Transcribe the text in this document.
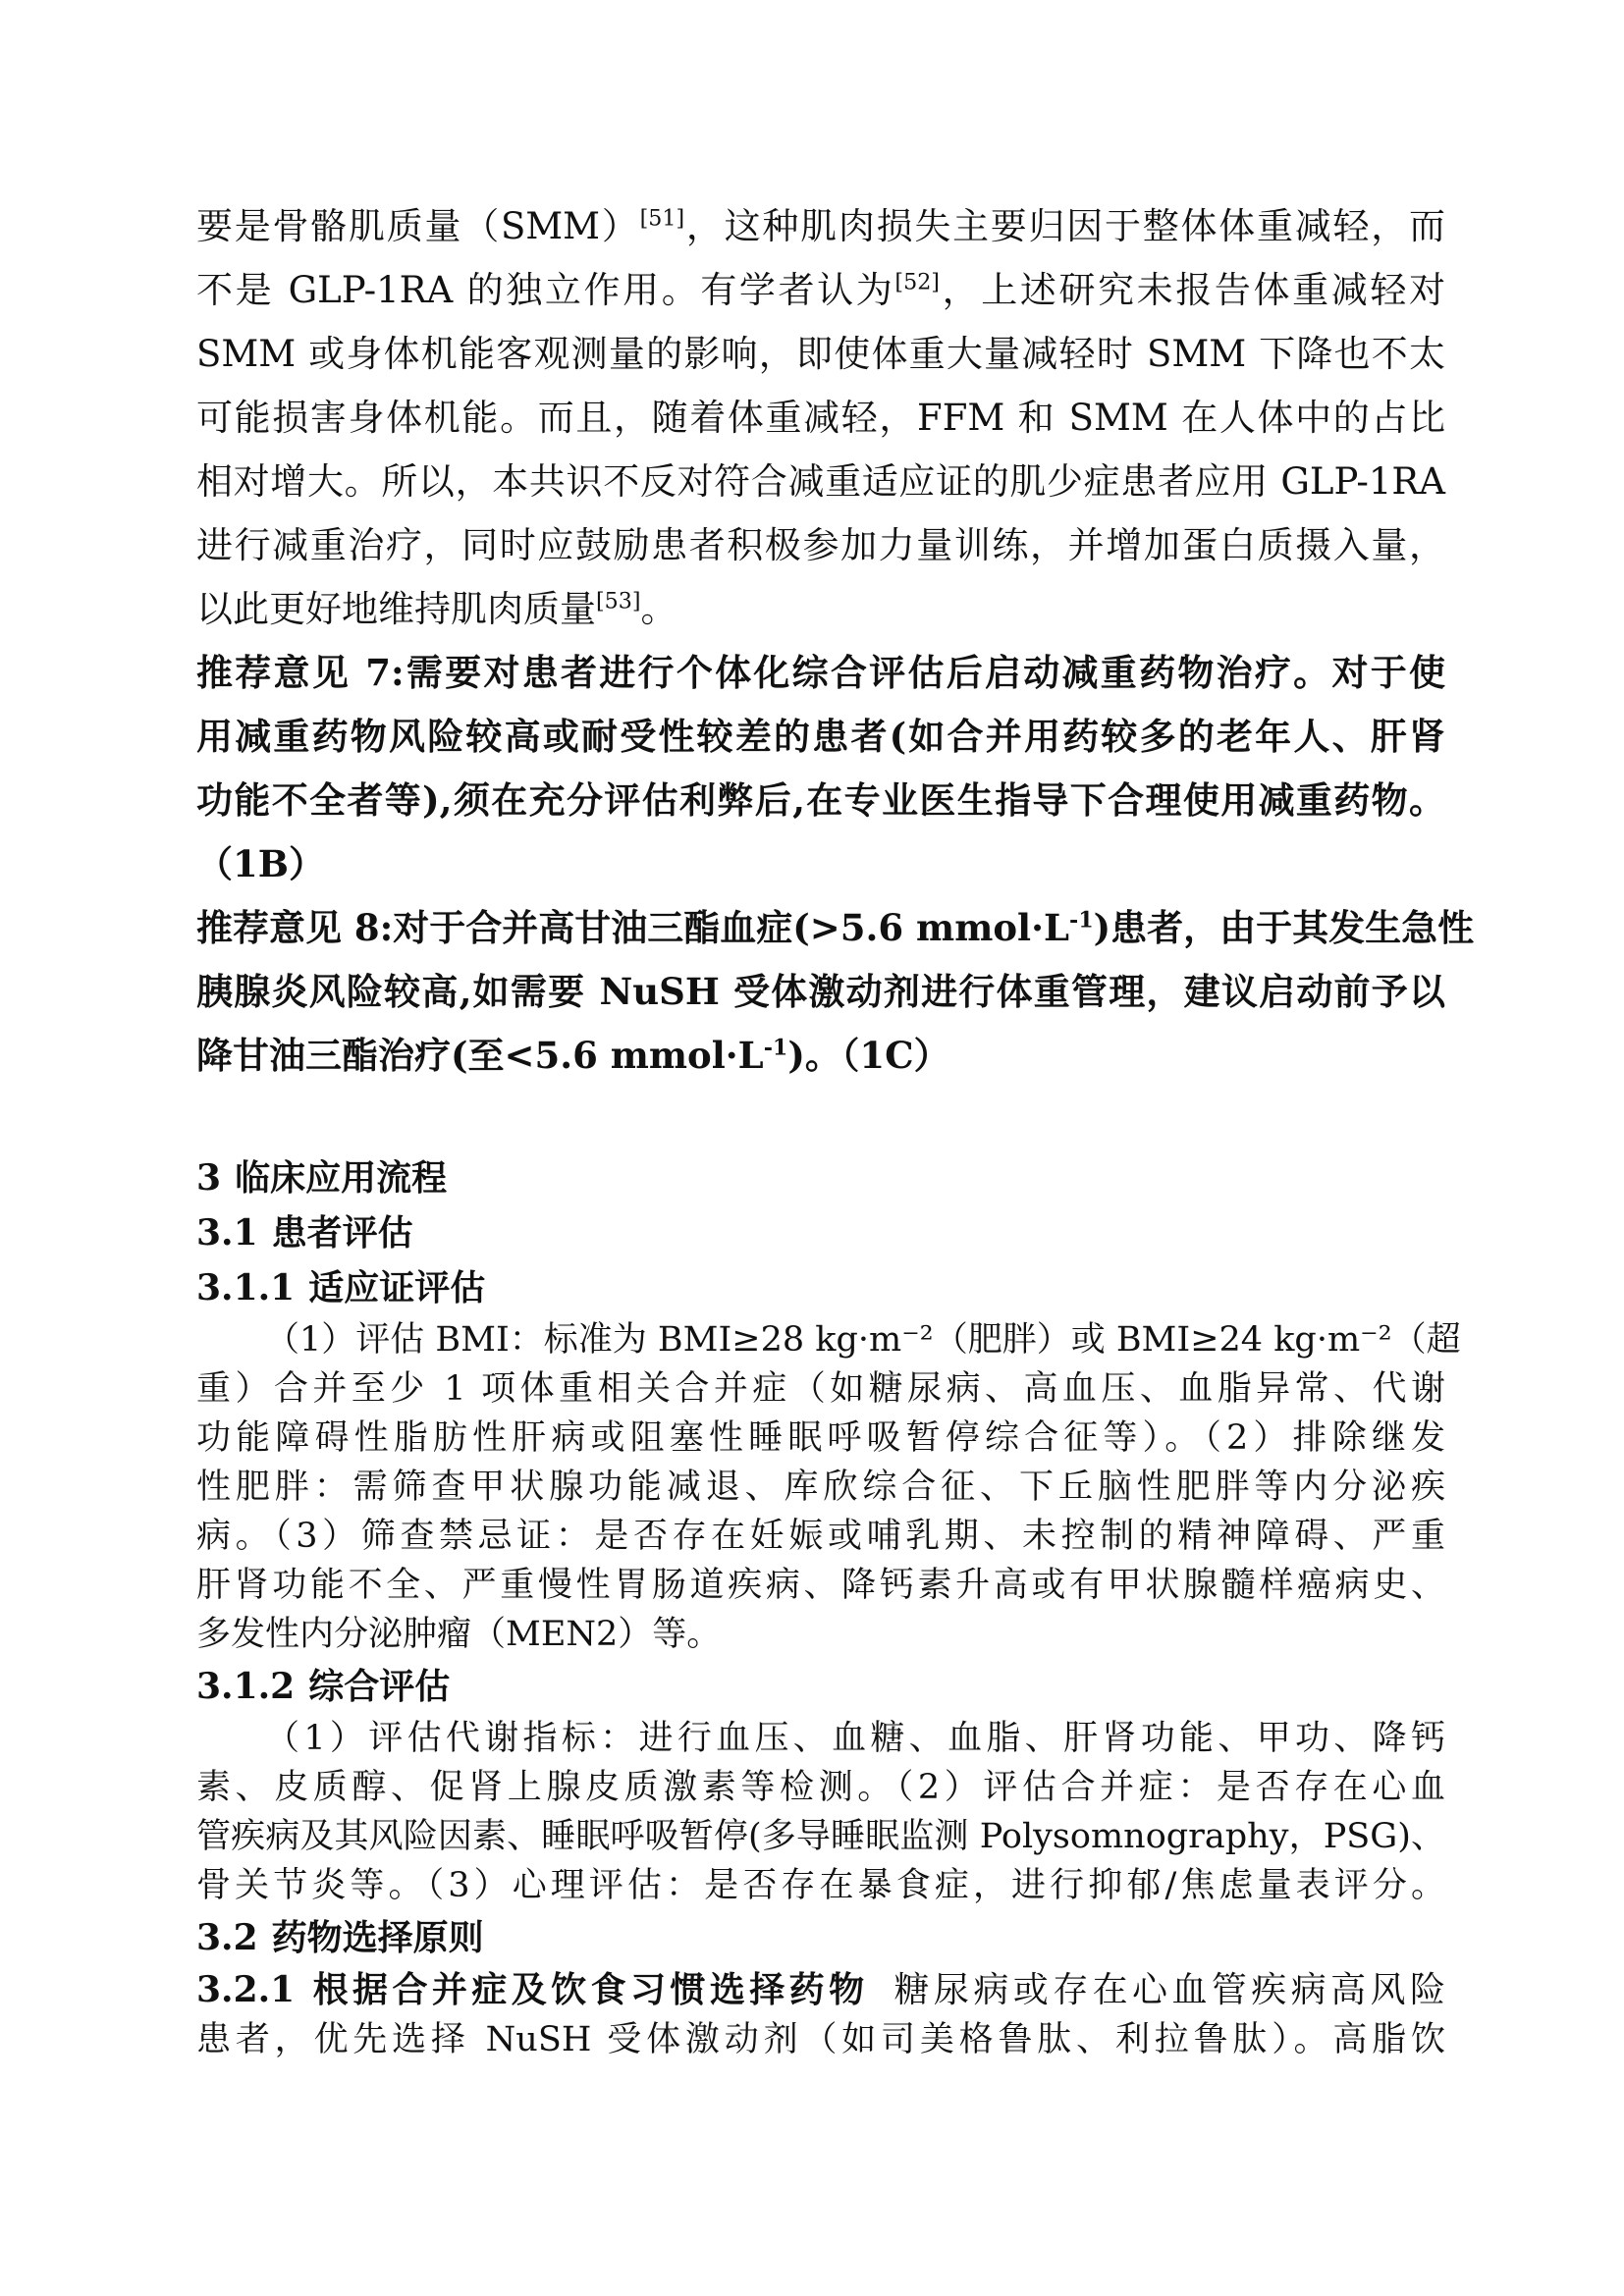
要是骨骼肌质量（SMM）[51]，这种肌肉损失主要归因于整体体重减轻，而
不是 GLP-1RA 的独立作用。有学者认为[52]，上述研究未报告体重减轻对
SMM 或身体机能客观测量的影响，即使体重大量减轻时 SMM 下降也不太
可能损害身体机能。而且，随着体重减轻，FFM 和 SMM 在人体中的占比
相对增大。所以，本共识不反对符合减重适应证的肌少症患者应用 GLP-1RA
进行减重治疗，同时应鼓励患者积极参加力量训练，并增加蛋白质摄入量，
以此更好地维持肌肉质量[53]。
推荐意见 7:需要对患者进行个体化综合评估后启动减重药物治疗。对于使
用减重药物风险较高或耐受性较差的患者(如合并用药较多的老年人、肝肾
功能不全者等),须在充分评估利弊后,在专业医生指导下合理使用减重药物。
（1B）
推荐意见 8:对于合并高甘油三酯血症(>5.6 $mmol\cdot L^{-1}$)患者，由于其发生急性
胰腺炎风险较高,如需要 NuSH 受体激动剂进行体重管理，建议启动前予以
降甘油三酯治疗(至<5.6 $mmol\cdot L^{-1}$)。（1C）
3 临床应用流程
3.1 患者评估
3.1.1 适应证评估
（1）评估 BMI：标准为 BMI≥28 kg·m⁻²（肥胖）或 BMI≥24 kg·m⁻²（超
重）合并至少 1 项体重相关合并症（如糖尿病、高血压、血脂异常、代谢
功能障碍性脂肪性肝病或阻塞性睡眠呼吸暂停综合征等）。（2）排除继发
性肥胖：需筛查甲状腺功能减退、库欣综合征、下丘脑性肥胖等内分泌疾
病。（3）筛查禁忌证：是否存在妊娠或哺乳期、未控制的精神障碍、严重
肝肾功能不全、严重慢性胃肠道疾病、降钙素升高或有甲状腺髓样癌病史、
多发性内分泌肿瘤（MEN2）等。
3.1.2 综合评估
（1）评估代谢指标：进行血压、血糖、血脂、肝肾功能、甲功、降钙
素、皮质醇、促肾上腺皮质激素等检测。（2）评估合并症：是否存在心血
管疾病及其风险因素、睡眠呼吸暂停(多导睡眠监测 Polysomnography，PSG)、
骨关节炎等。（3）心理评估：是否存在暴食症，进行抑郁/焦虑量表评分。
3.2 药物选择原则
3.2.1 根据合并症及饮食习惯选择药物 糖尿病或存在心血管疾病高风险
患者，优先选择 NuSH 受体激动剂（如司美格鲁肽、利拉鲁肽）。高脂饮
